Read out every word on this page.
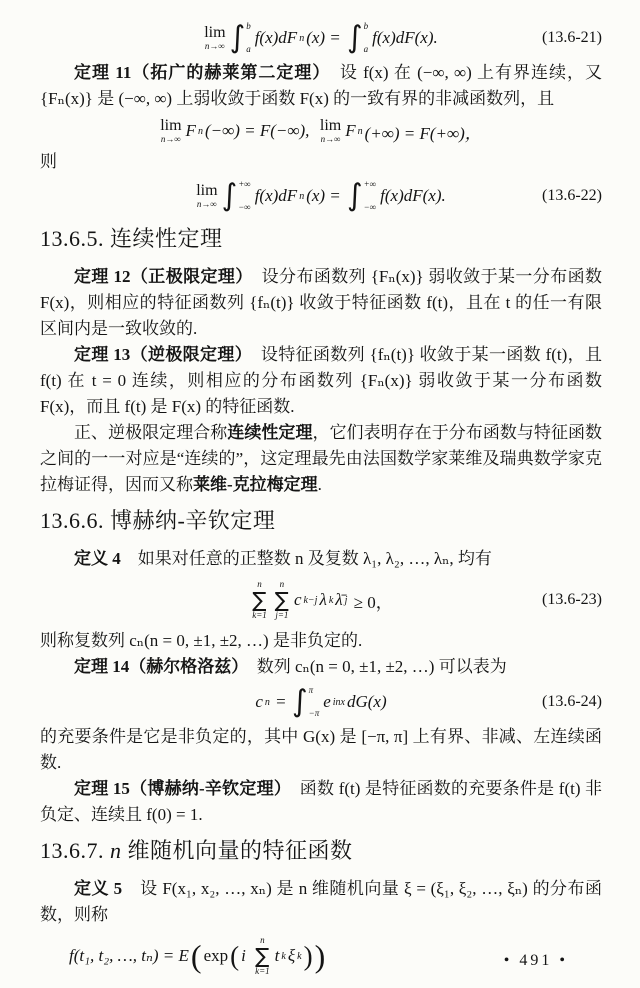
lim
n→∞ ∫ b
a
f(x)dF n (x) = ∫ b
a
f(x)dF(x).	(13.6-21)

定理 11（拓广的赫莱第二定理）　设 f(x) 在 (−∞, ∞) 上有界连续，又 {Fₙ(x)} 是 (−∞, ∞) 上弱收敛于函数 F(x) 的一致有界的非减函数列，且

lim
n→∞ F n (−∞) = F(−∞), lim
n→∞ F n (+∞) = F(+∞)，

则

lim
n→∞ ∫ +∞
−∞
f(x)dF n (x) = ∫ +∞
−∞
f(x)dF(x).	(13.6-22)
13.6.5. 连续性定理

定理 12（正极限定理）　设分布函数列 {Fₙ(x)} 弱收敛于某一分布函数 F(x)，则相应的特征函数列 {fₙ(t)} 收敛于特征函数 f(t)，且在 t 的任一有限区间内是一致收敛的.

定理 13（逆极限定理）　设特征函数列 {fₙ(t)} 收敛于某一函数 f(t)，且 f(t) 在 t = 0 连续，则相应的分布函数列 {Fₙ(x)} 弱收敛于某一分布函数 F(x)，而且 f(t) 是 F(x) 的特征函数.

正、逆极限定理合称连续性定理，它们表明存在于分布函数与特征函数之间的一一对应是“连续的”，这定理最先由法国数学家莱维及瑞典数学家克拉梅证得，因而又称莱维-克拉梅定理.

13.6.6. 博赫纳-辛钦定理

定义 4　如果对任意的正整数 n 及复数 λ₁, λ₂, …, λₙ, 均有

n
∑
k=1
n
∑
j=1
c k−j λ k λ̄ j ≥ 0，	(13.6-23)

则称复数列 cₙ(n = 0, ±1, ±2, …) 是非负定的.

定理 14（赫尔格洛兹）　数列 cₙ(n = 0, ±1, ±2, …) 可以表为

c n = ∫ π
−π
e inx dG(x)	(13.6-24)

的充要条件是它是非负定的，其中 G(x) 是 [−π, π] 上有界、非减、左连续函数.

定理 15（博赫纳-辛钦定理）　函数 f(t) 是特征函数的充要条件是 f(t) 非负定、连续且 f(0) = 1.

13.6.7. n 维随机向量的特征函数

定义 5　设 F(x₁, x₂, …, xₙ) 是 n 维随机向量 ξ = (ξ₁, ξ₂, …, ξₙ) 的分布函数，则称

f(t₁, t₂, …, tₙ) = E ( exp ( i
n
∑
k=1
t k ξ k ) )	• 491 •
